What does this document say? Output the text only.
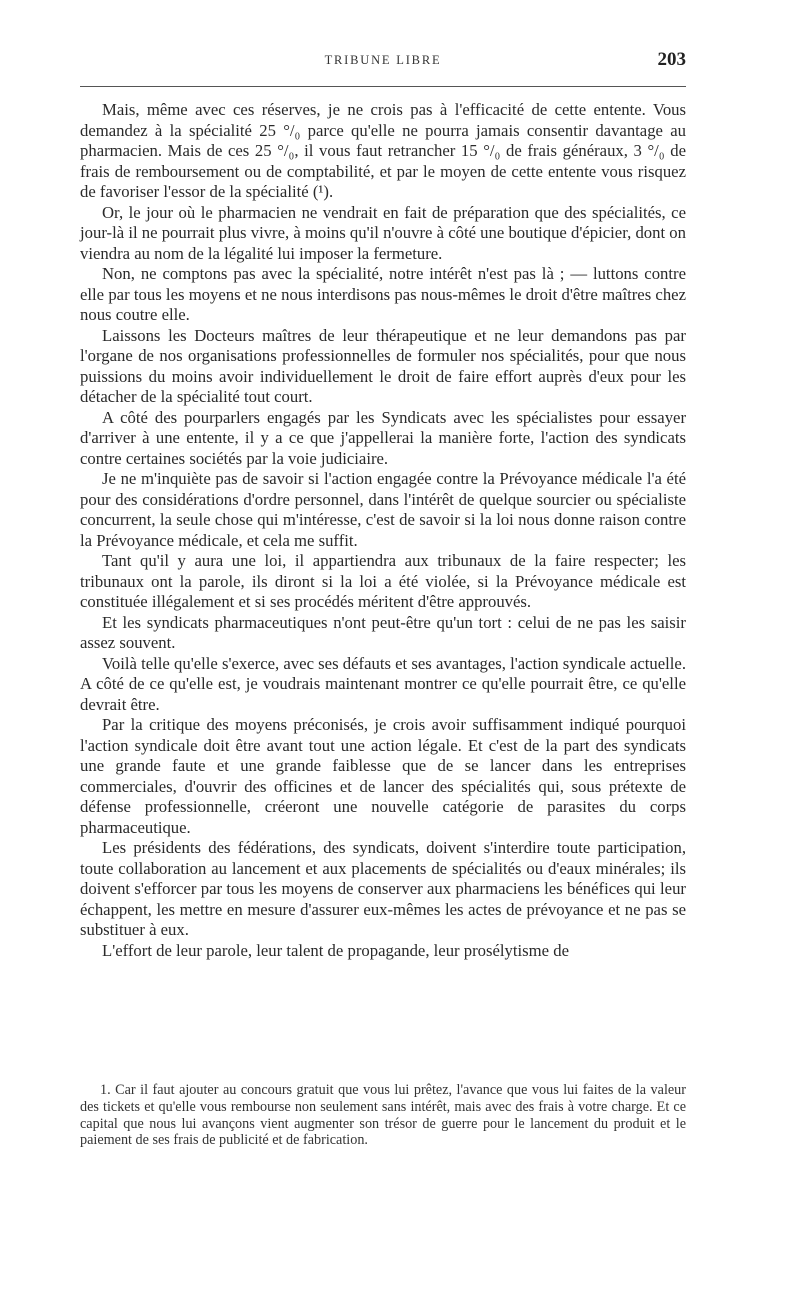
TRIBUNE LIBRE	203

Mais, même avec ces réserves, je ne crois pas à l'efficacité de cette entente. Vous demandez à la spécialité 25 °/₀ parce qu'elle ne pourra jamais consentir davantage au pharmacien. Mais de ces 25 °/₀, il vous faut retrancher 15 °/₀ de frais généraux, 3 °/₀ de frais de remboursement ou de comptabilité, et par le moyen de cette entente vous risquez de favoriser l'essor de la spécialité (¹).

Or, le jour où le pharmacien ne vendrait en fait de préparation que des spécialités, ce jour-là il ne pourrait plus vivre, à moins qu'il n'ouvre à côté une boutique d'épicier, dont on viendra au nom de la légalité lui imposer la fermeture.

Non, ne comptons pas avec la spécialité, notre intérêt n'est pas là ; — luttons contre elle par tous les moyens et ne nous interdisons pas nous-mêmes le droit d'être maîtres chez nous coutre elle.

Laissons les Docteurs maîtres de leur thérapeutique et ne leur demandons pas par l'organe de nos organisations professionnelles de formuler nos spécialités, pour que nous puissions du moins avoir individuellement le droit de faire effort auprès d'eux pour les détacher de la spécialité tout court.

A côté des pourparlers engagés par les Syndicats avec les spécialistes pour essayer d'arriver à une entente, il y a ce que j'appellerai la manière forte, l'action des syndicats contre certaines sociétés par la voie judiciaire.

Je ne m'inquiète pas de savoir si l'action engagée contre la Prévoyance médicale l'a été pour des considérations d'ordre personnel, dans l'intérêt de quelque sourcier ou spécialiste concurrent, la seule chose qui m'intéresse, c'est de savoir si la loi nous donne raison contre la Prévoyance médicale, et cela me suffit.

Tant qu'il y aura une loi, il appartiendra aux tribunaux de la faire respecter; les tribunaux ont la parole, ils diront si la loi a été violée, si la Prévoyance médicale est constituée illégalement et si ses procédés méritent d'être approuvés.

Et les syndicats pharmaceutiques n'ont peut-être qu'un tort : celui de ne pas les saisir assez souvent.

Voilà telle qu'elle s'exerce, avec ses défauts et ses avantages, l'action syndicale actuelle. A côté de ce qu'elle est, je voudrais maintenant montrer ce qu'elle pourrait être, ce qu'elle devrait être.

Par la critique des moyens préconisés, je crois avoir suffisamment indiqué pourquoi l'action syndicale doit être avant tout une action légale. Et c'est de la part des syndicats une grande faute et une grande faiblesse que de se lancer dans les entreprises commerciales, d'ouvrir des officines et de lancer des spécialités qui, sous prétexte de défense professionnelle, créeront une nouvelle catégorie de parasites du corps pharmaceutique.

Les présidents des fédérations, des syndicats, doivent s'interdire toute participation, toute collaboration au lancement et aux placements de spécialités ou d'eaux minérales; ils doivent s'efforcer par tous les moyens de conserver aux pharmaciens les bénéfices qui leur échappent, les mettre en mesure d'assurer eux-mêmes les actes de prévoyance et ne pas se substituer à eux.

L'effort de leur parole, leur talent de propagande, leur prosélytisme de

1. Car il faut ajouter au concours gratuit que vous lui prêtez, l'avance que vous lui faites de la valeur des tickets et qu'elle vous rembourse non seulement sans intérêt, mais avec des frais à votre charge. Et ce capital que nous lui avançons vient augmenter son trésor de guerre pour le lancement du produit et le paiement de ses frais de publicité et de fabrication.
